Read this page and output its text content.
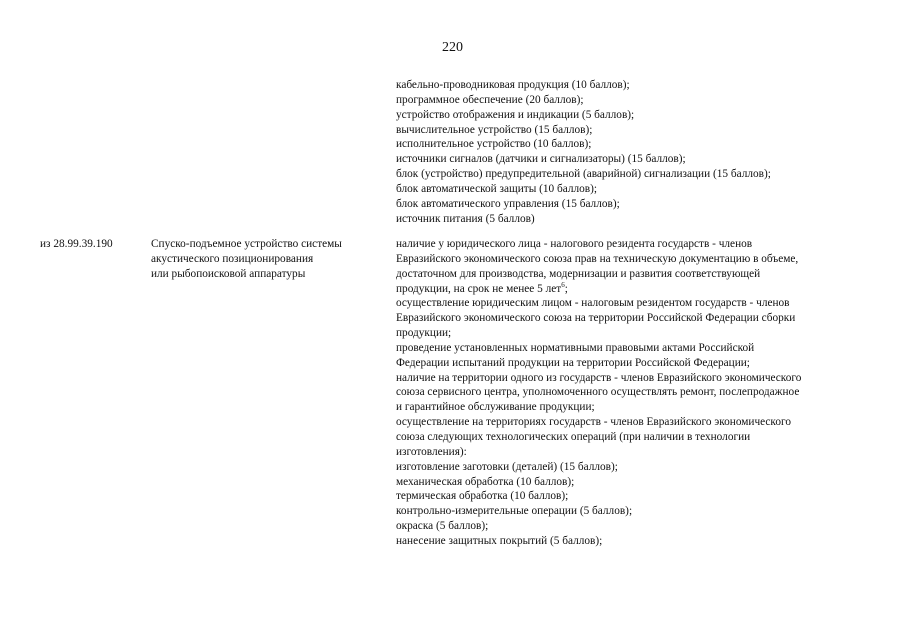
220
кабельно-проводниковая продукция (10 баллов);
программное обеспечение (20 баллов);
устройство отображения и индикации (5 баллов);
вычислительное устройство (15 баллов);
исполнительное устройство (10 баллов);
источники сигналов (датчики и сигнализаторы) (15 баллов);
блок (устройство) предупредительной (аварийной) сигнализации (15 баллов);
блок автоматической защиты (10 баллов);
блок автоматического управления (15 баллов);
источник питания (5 баллов)
из 28.99.39.190	Спуско-подъемное устройство системы
акустического позиционирования
или рыбопоисковой аппаратуры
наличие у юридического лица - налогового резидента государств - членов
Евразийского экономического союза прав на техническую документацию в объеме,
достаточном для производства, модернизации и развития соответствующей
продукции, на срок не менее 5 лет$^6$;
осуществление юридическим лицом - налоговым резидентом государств - членов
Евразийского экономического союза на территории Российской Федерации сборки
продукции;
проведение установленных нормативными правовыми актами Российской
Федерации испытаний продукции на территории Российской Федерации;
наличие на территории одного из государств - членов Евразийского экономического
союза сервисного центра, уполномоченного осуществлять ремонт, послепродажное
и гарантийное обслуживание продукции;
осуществление на территориях государств - членов Евразийского экономического
союза следующих технологических операций (при наличии в технологии
изготовления):
изготовление заготовки (деталей) (15 баллов);
механическая обработка (10 баллов);
термическая обработка (10 баллов);
контрольно-измерительные операции (5 баллов);
окраска (5 баллов);
нанесение защитных покрытий (5 баллов);
